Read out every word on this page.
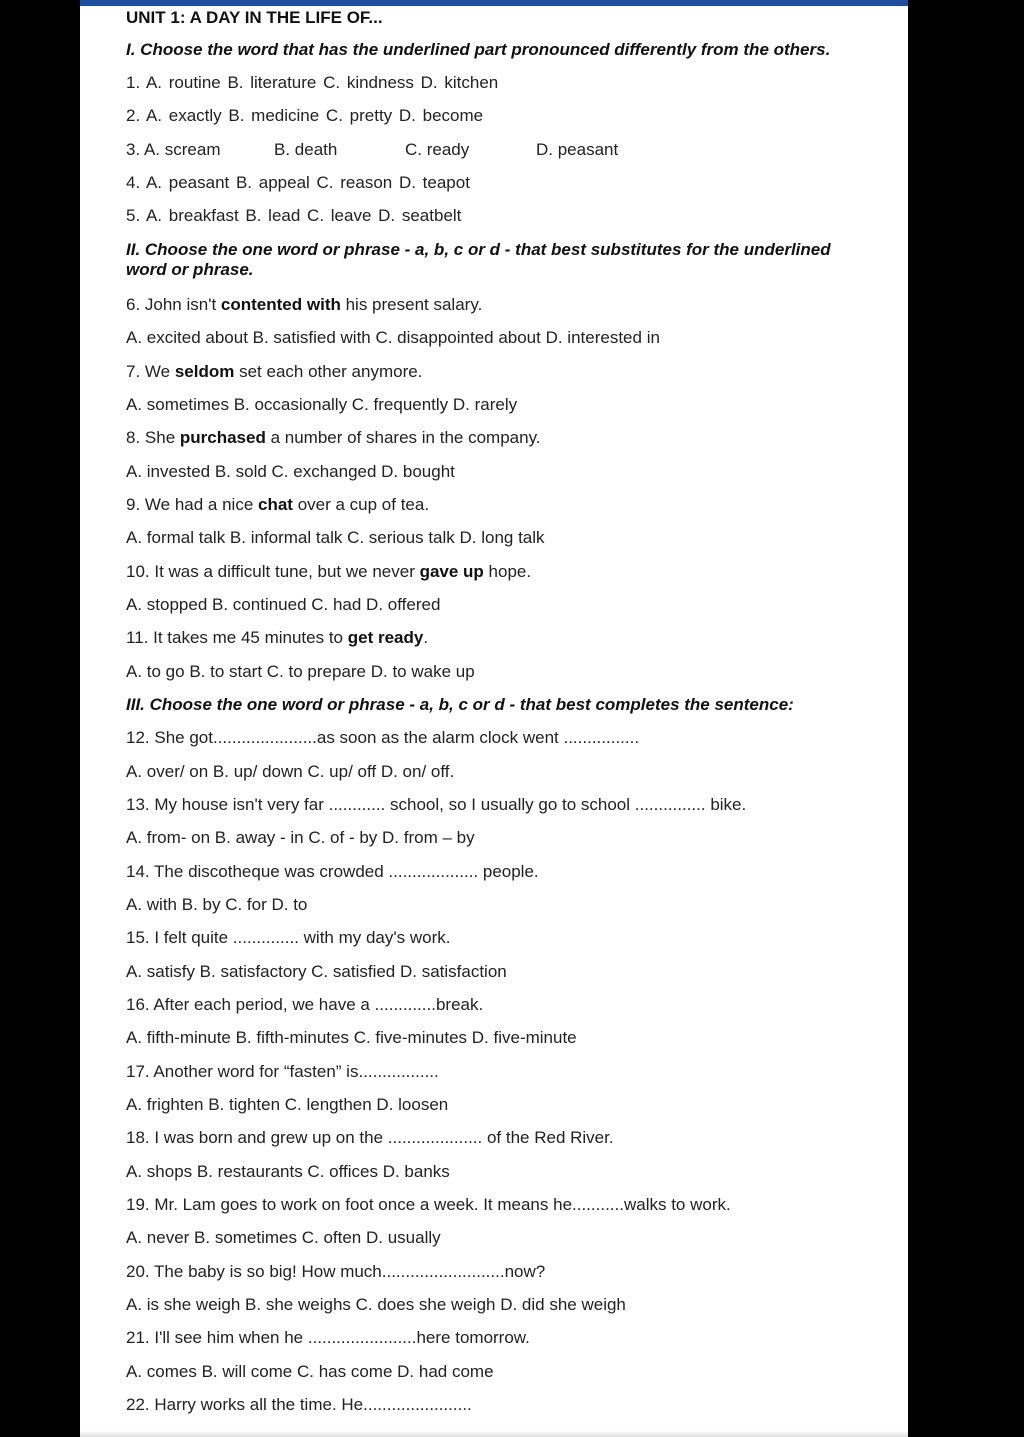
UNIT 1: A DAY IN THE LIFE OF...
I. Choose the word that has the underlined part pronounced differently from the others.
1. A. routine B. literature C. kindness D. kitchen
2. A. exactly B. medicine C. pretty D. become
3. A. scream	B. death	C. ready	D. peasant
4. A. peasant B. appeal C. reason D. teapot
5. A. breakfast B. lead C. leave D. seatbelt
II. Choose the one word or phrase - a, b, c or d - that best substitutes for the underlined
word or phrase.
6. John isn't contented with his present salary.
A. excited about B. satisfied with C. disappointed about D. interested in
7. We seldom set each other anymore.
A. sometimes B. occasionally C. frequently D. rarely
8. She purchased a number of shares in the company.
A. invested B. sold C. exchanged D. bought
9. We had a nice chat over a cup of tea.
A. formal talk B. informal talk C. serious talk D. long talk
10. It was a difficult tune, but we never gave up hope.
A. stopped B. continued C. had D. offered
11. It takes me 45 minutes to get ready.
A. to go B. to start C. to prepare D. to wake up
III. Choose the one word or phrase - a, b, c or d - that best completes the sentence:
12. She got......................as soon as the alarm clock went ................
A. over/ on B. up/ down C. up/ off D. on/ off.
13. My house isn't very far ............ school, so I usually go to school ............... bike.
A. from- on B. away - in C. of - by D. from – by
14. The discotheque was crowded ................... people.
A. with B. by C. for D. to
15. I felt quite .............. with my day's work.
A. satisfy B. satisfactory C. satisfied D. satisfaction
16. After each period, we have a .............break.
A. fifth-minute B. fifth-minutes C. five-minutes D. five-minute
17. Another word for “fasten” is.................
A. frighten B. tighten C. lengthen D. loosen
18. I was born and grew up on the .................... of the Red River.
A. shops B. restaurants C. offices D. banks
19. Mr. Lam goes to work on foot once a week. It means he...........walks to work.
A. never B. sometimes C. often D. usually
20. The baby is so big! How much..........................now?
A. is she weigh B. she weighs C. does she weigh D. did she weigh
21. I'll see him when he .......................here tomorrow.
A. comes B. will come C. has come D. had come
22. Harry works all the time. He.......................
